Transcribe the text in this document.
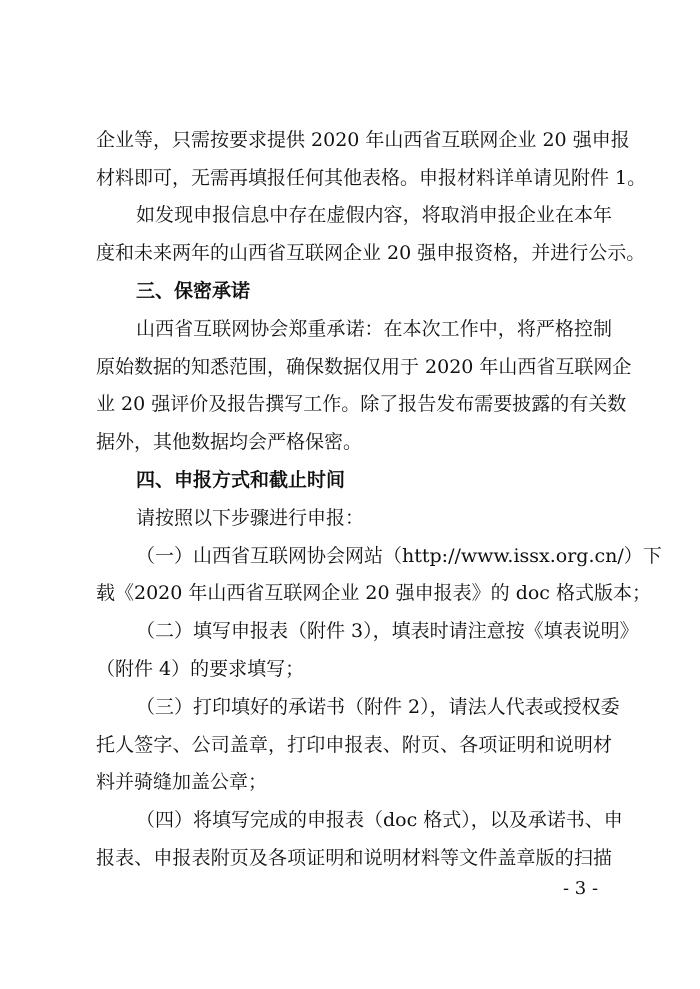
企业等，只需按要求提供 2020 年山西省互联网企业 20 强申报
材料即可，无需再填报任何其他表格。申报材料详单请见附件 1。
如发现申报信息中存在虚假内容，将取消申报企业在本年
度和未来两年的山西省互联网企业 20 强申报资格，并进行公示。
三、保密承诺
山西省互联网协会郑重承诺：在本次工作中，将严格控制
原始数据的知悉范围，确保数据仅用于 2020 年山西省互联网企
业 20 强评价及报告撰写工作。除了报告发布需要披露的有关数
据外，其他数据均会严格保密。
四、申报方式和截止时间
请按照以下步骤进行申报：
（一）山西省互联网协会网站（http://www.issx.org.cn/）下
载《2020 年山西省互联网企业 20 强申报表》的 doc 格式版本；
（二）填写申报表（附件 3），填表时请注意按《填表说明》
（附件 4）的要求填写；
（三）打印填好的承诺书（附件 2），请法人代表或授权委
托人签字、公司盖章，打印申报表、附页、各项证明和说明材
料并骑缝加盖公章；
（四）将填写完成的申报表（doc 格式），以及承诺书、申
报表、申报表附页及各项证明和说明材料等文件盖章版的扫描
- 3 -
